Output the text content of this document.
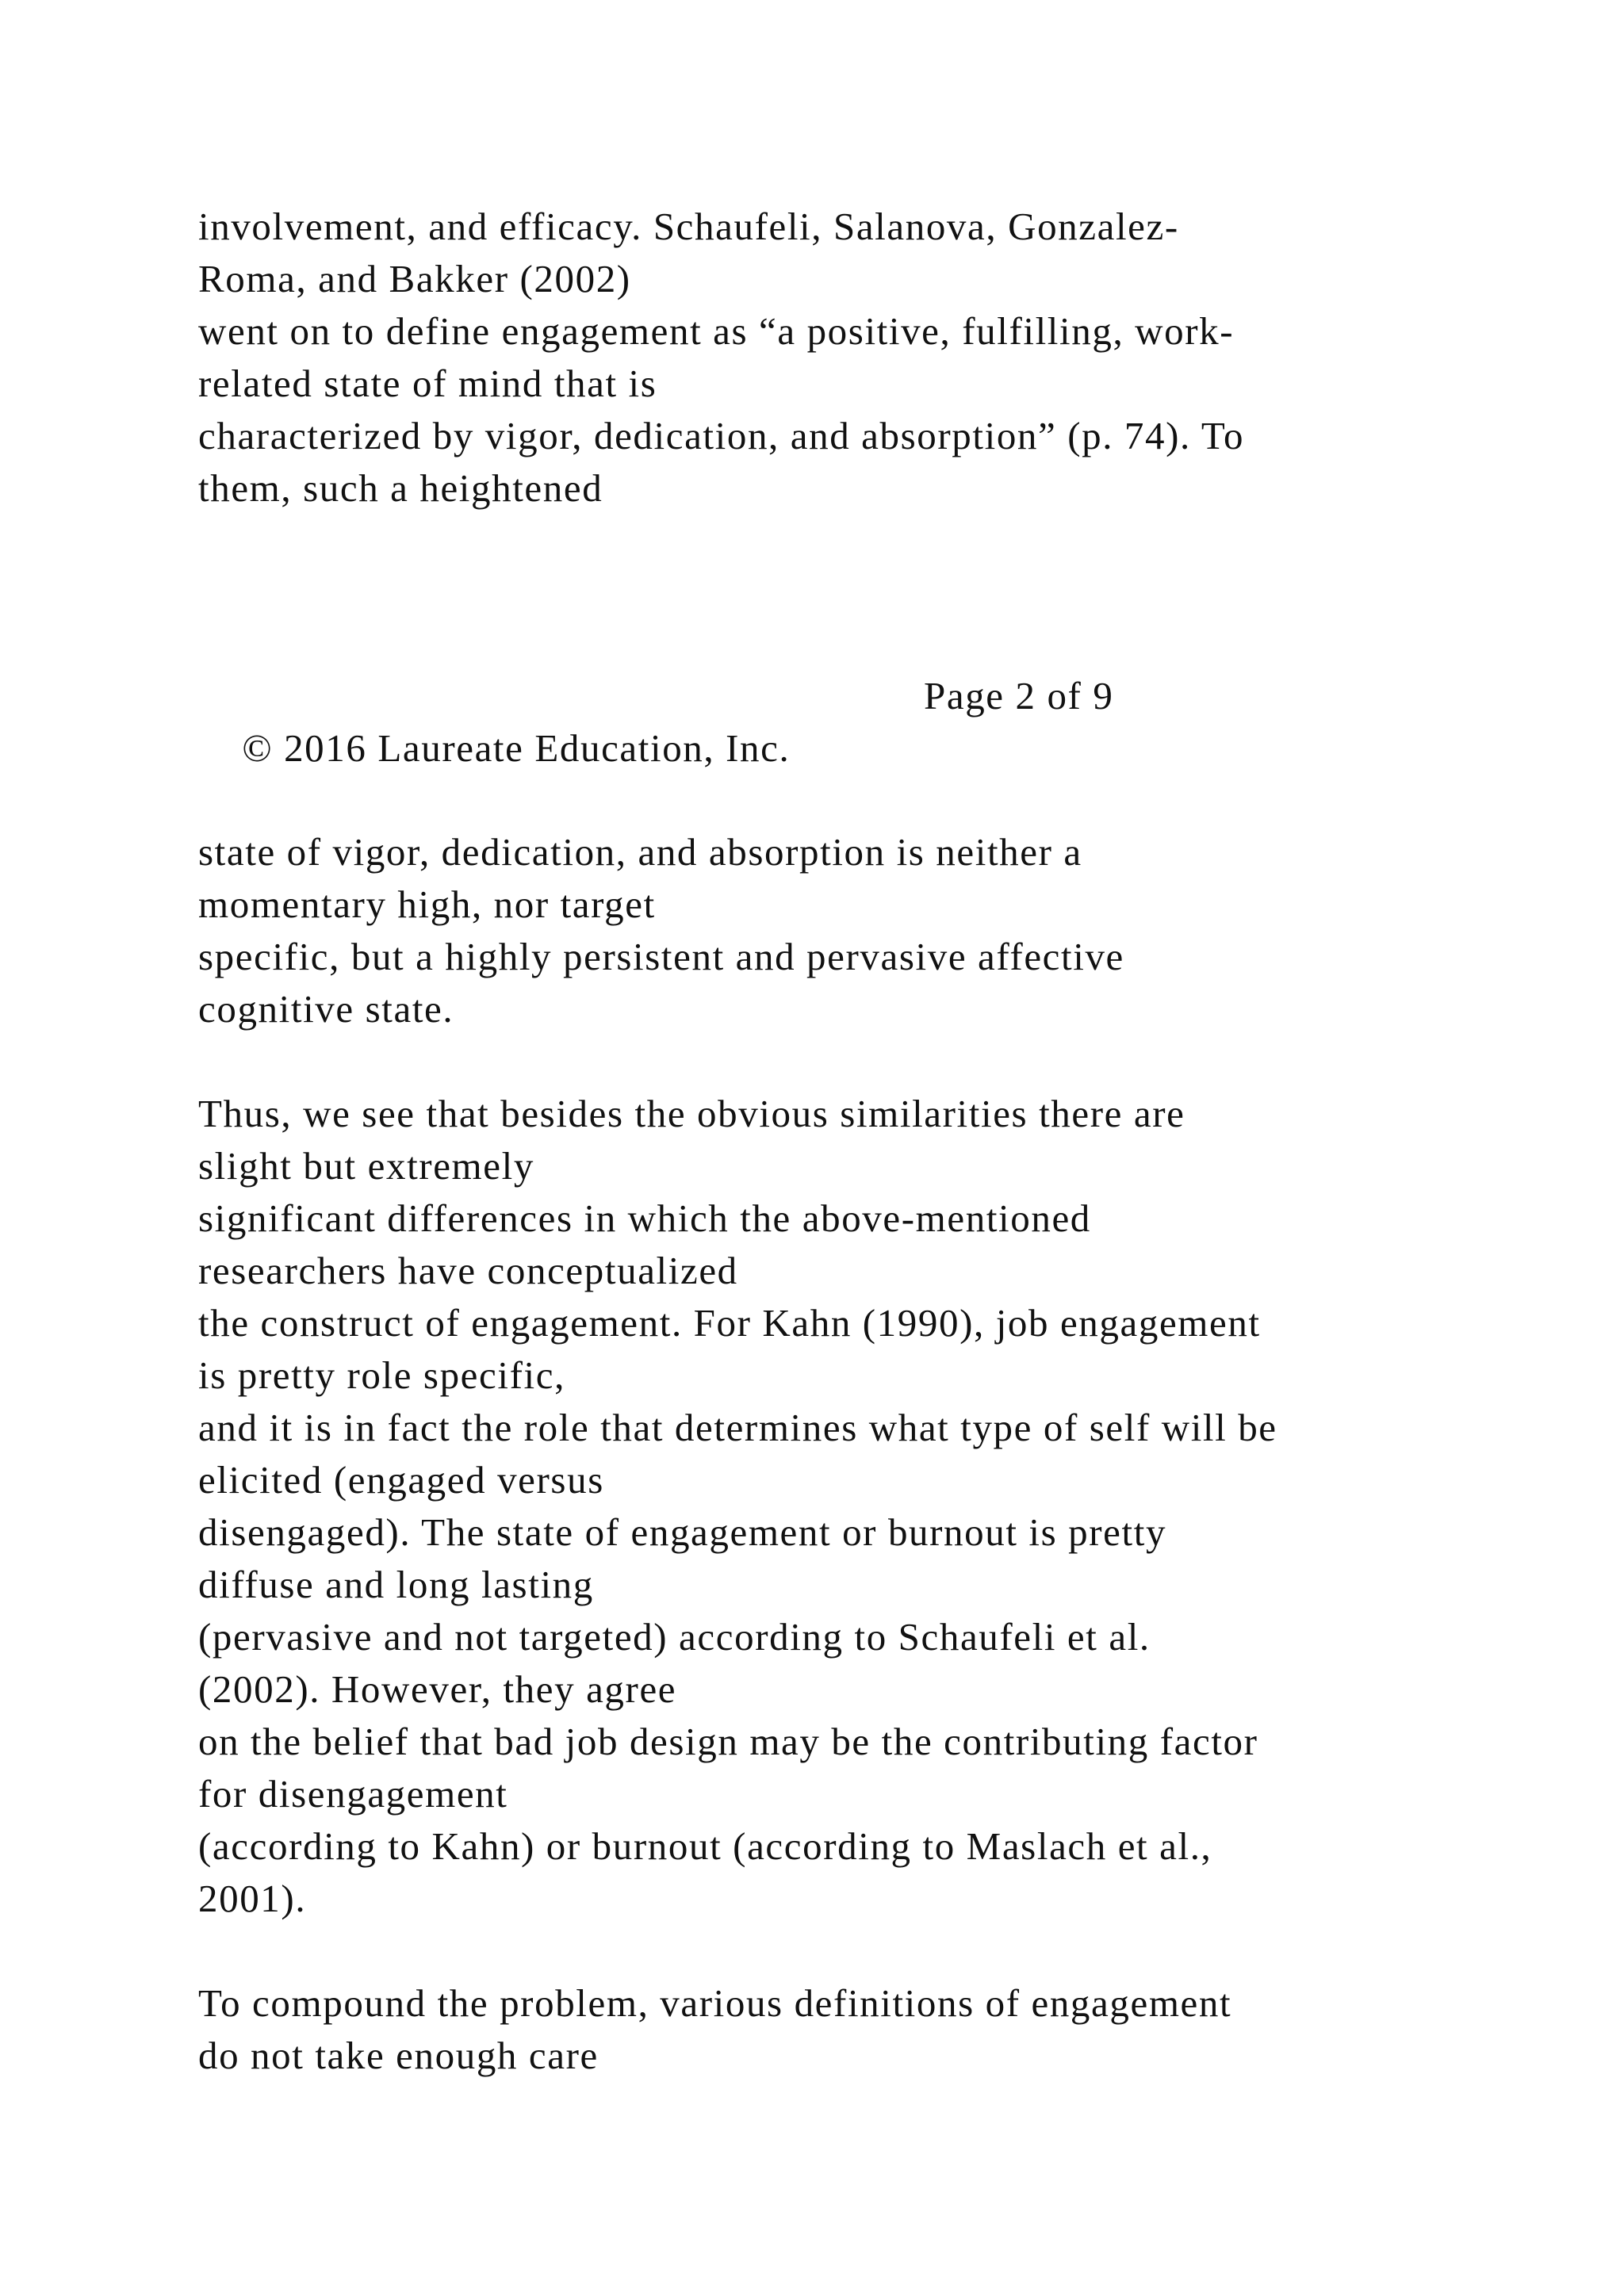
involvement, and efficacy. Schaufeli, Salanova, Gonzalez-

Roma, and Bakker (2002)

went on to define engagement as “a positive, fulfilling, work-

related state of mind that is

characterized by vigor, dedication, and absorption” (p. 74). To

them, such a heightened

© 2016 Laureate Education, Inc.

Page 2 of 9

state of vigor, dedication, and absorption is neither a

momentary high, nor target

specific, but a highly persistent and pervasive affective

cognitive state.

Thus, we see that besides the obvious similarities there are

slight but extremely

significant differences in which the above-mentioned

researchers have conceptualized

the construct of engagement. For Kahn (1990), job engagement

is pretty role specific,

and it is in fact the role that determines what type of self will be

elicited (engaged versus

disengaged). The state of engagement or burnout is pretty

diffuse and long lasting

(pervasive and not targeted) according to Schaufeli et al.

(2002). However, they agree

on the belief that bad job design may be the contributing factor

for disengagement

(according to Kahn) or burnout (according to Maslach et al.,

2001).

To compound the problem, various definitions of engagement

do not take enough care
